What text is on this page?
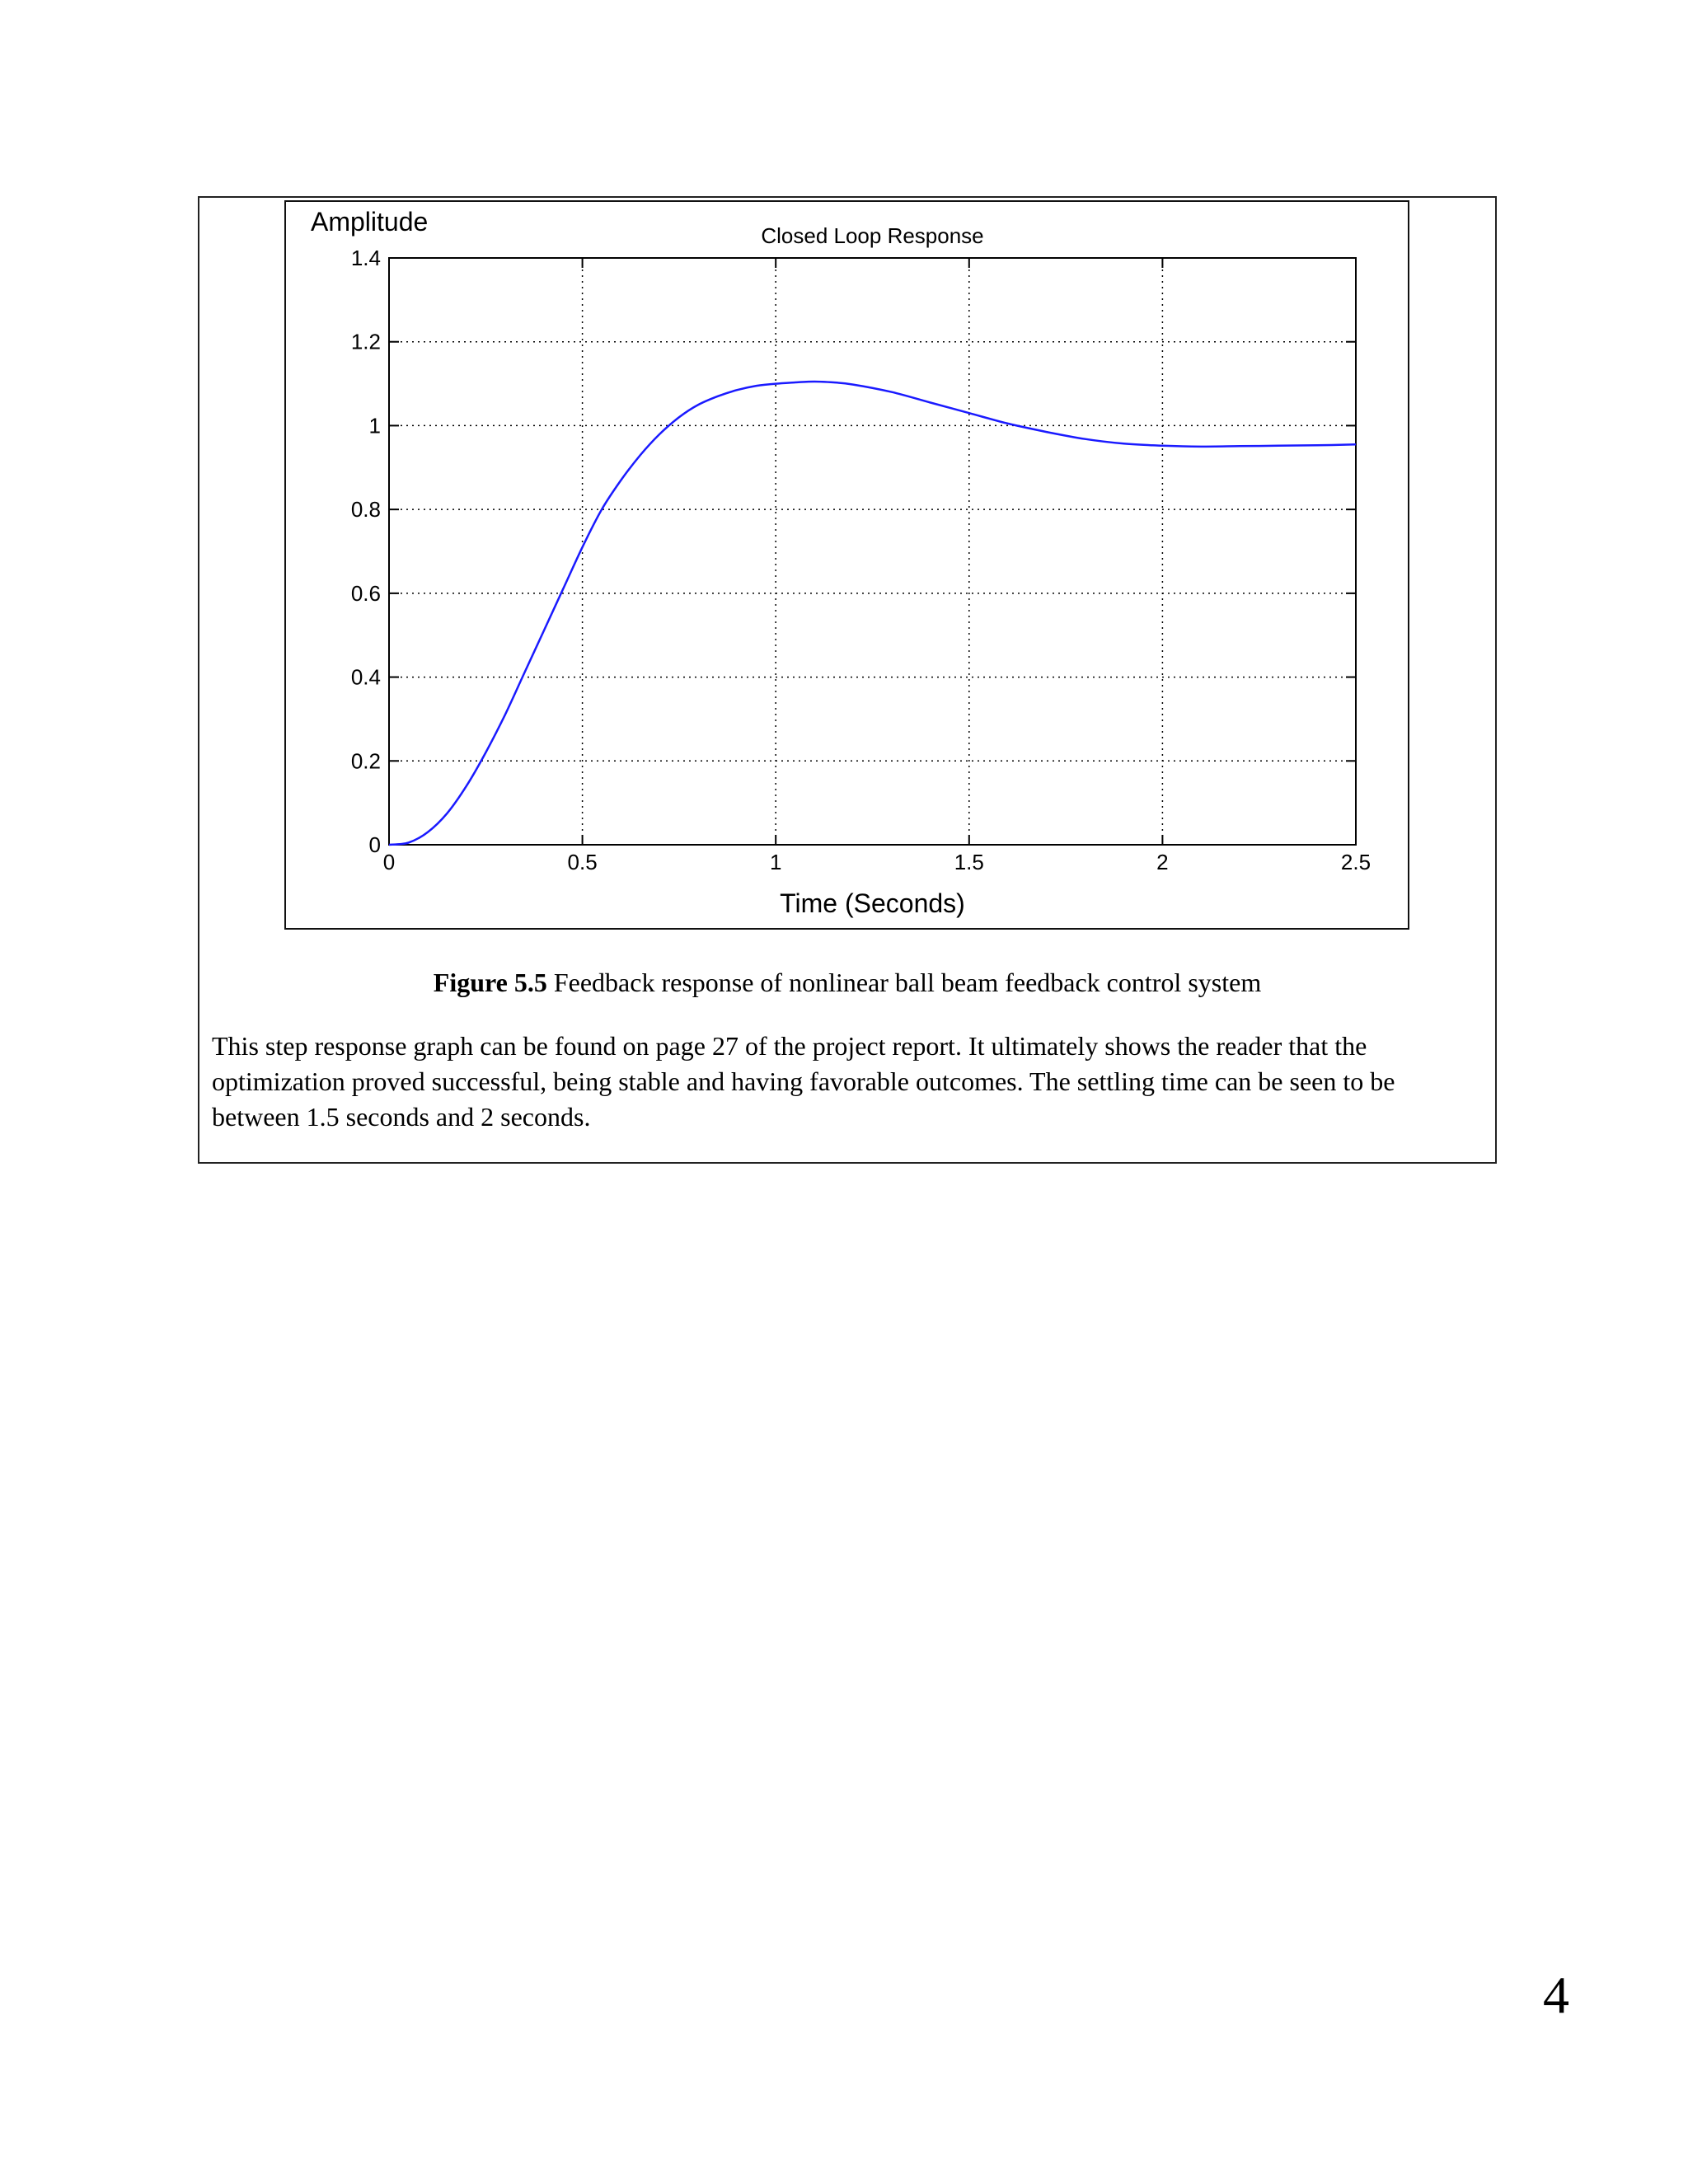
0	0.5	1	1.5	2	2.5
0
0.2
0.4
0.6
0.8
1
1.2
1.4
Closed Loop Response
Amplitude
Time (Seconds)
Figure 5.5 Feedback response of nonlinear ball beam feedback control system
This step response graph can be found on page 27 of the project report. It ultimately shows the reader that the optimization proved successful, being stable and having favorable outcomes. The settling time can be seen to be between 1.5 seconds and 2 seconds.
4
